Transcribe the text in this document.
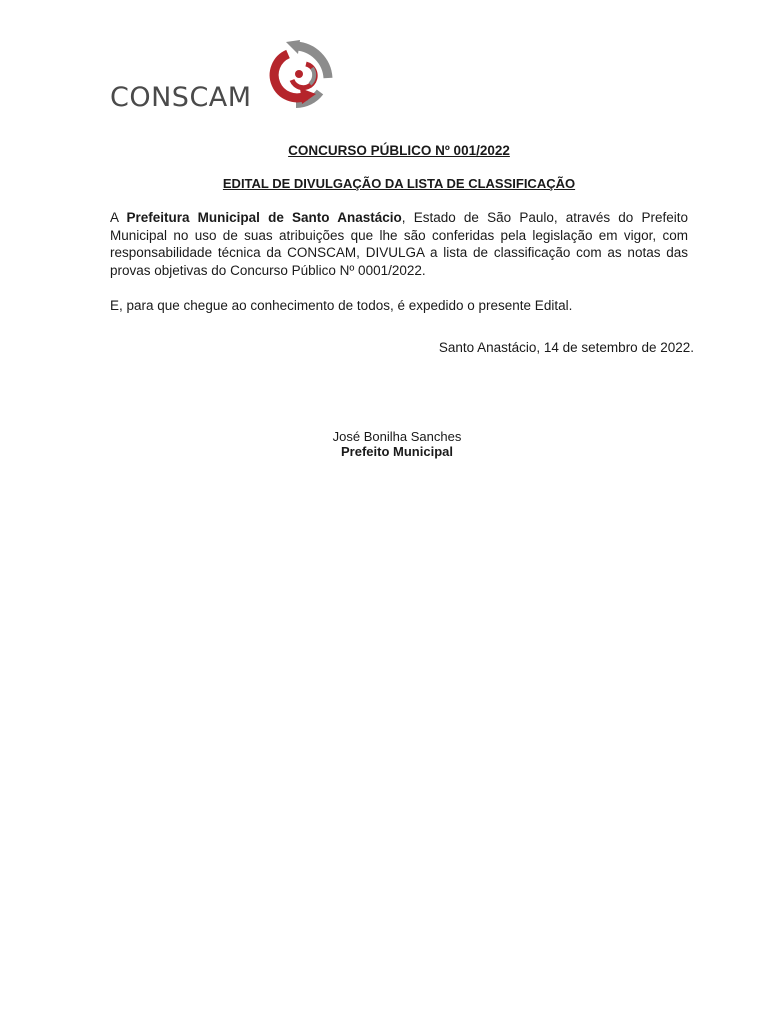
CONSCAM
CONCURSO PÚBLICO Nº 001/2022
EDITAL DE DIVULGAÇÃO DA LISTA DE CLASSIFICAÇÃO

A Prefeitura Municipal de Santo Anastácio, Estado de São Paulo, através do Prefeito Municipal no uso de suas atribuições que lhe são conferidas pela legislação em vigor, com responsabilidade técnica da CONSCAM, DIVULGA a lista de classificação com as notas das provas objetivas do Concurso Público Nº 0001/2022.

E, para que chegue ao conhecimento de todos, é expedido o presente Edital.

Santo Anastácio, 14 de setembro de 2022.
José Bonilha Sanches
Prefeito Municipal
